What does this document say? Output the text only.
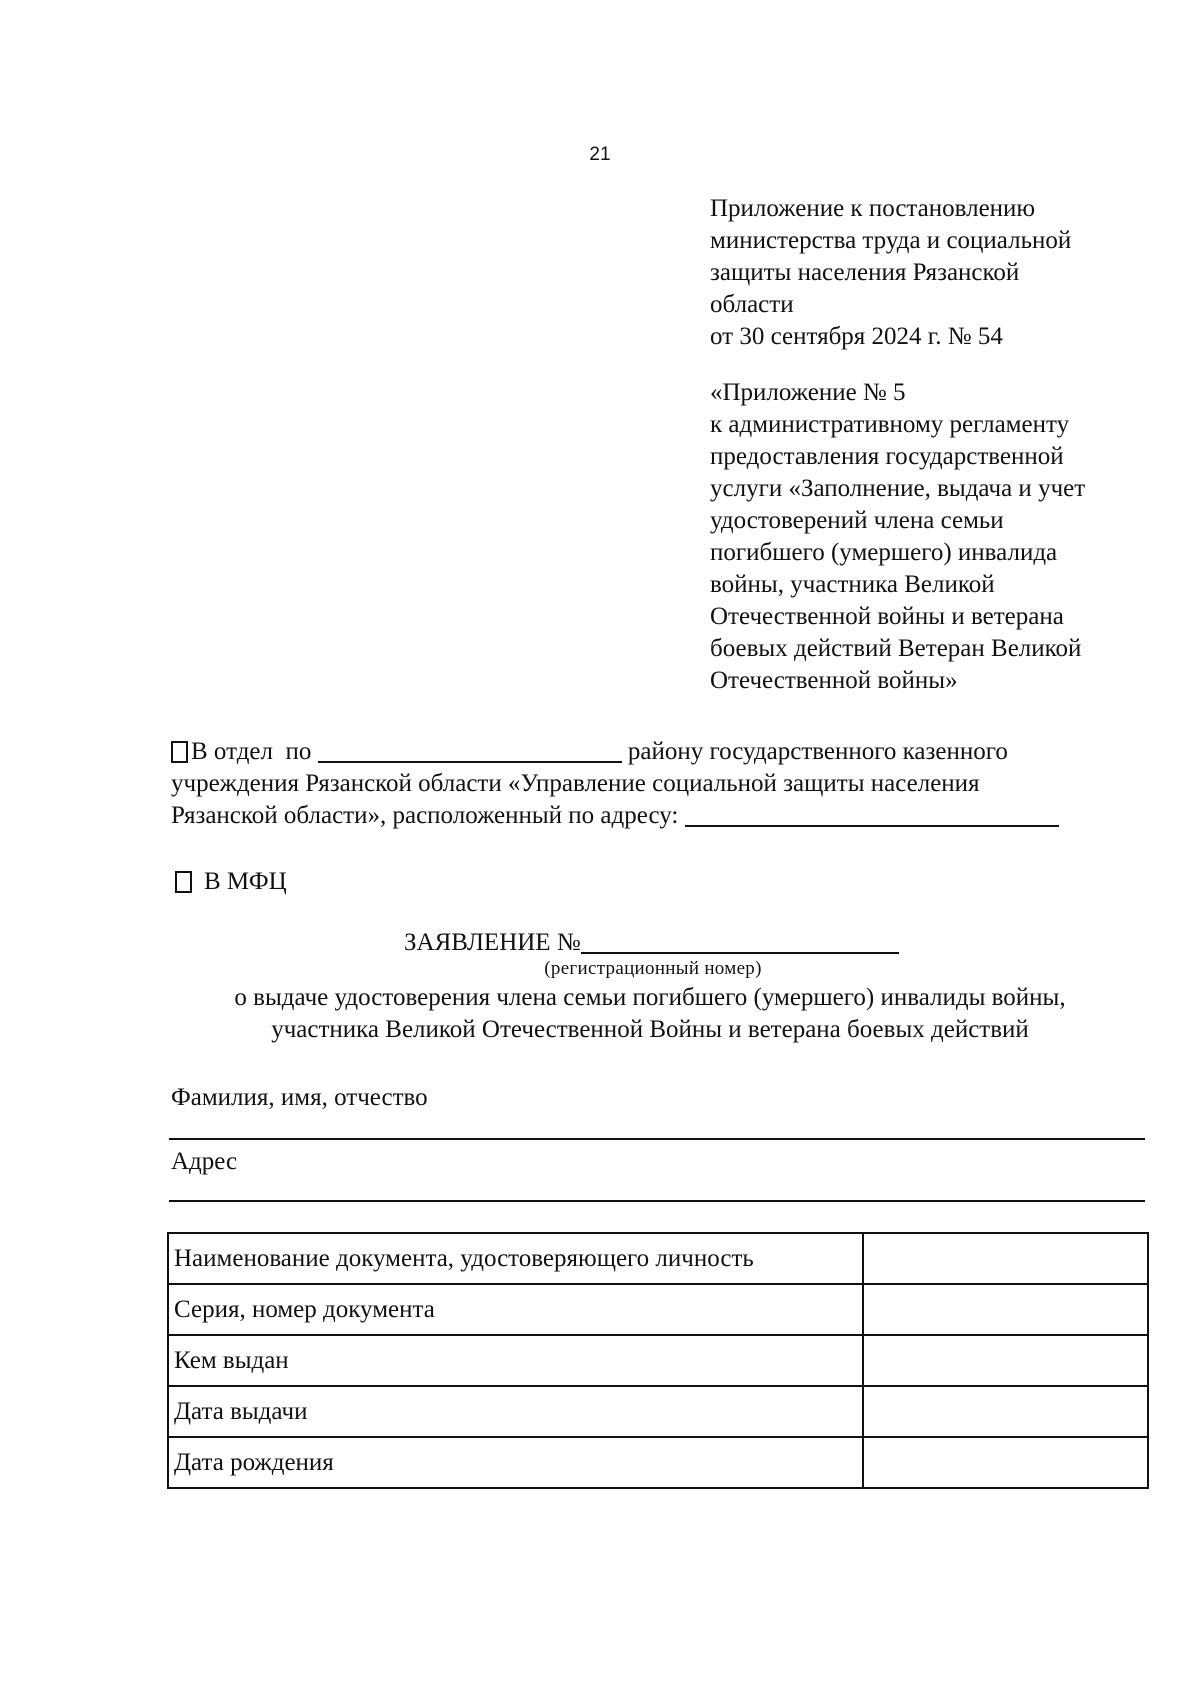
21
Приложение к постановлению
министерства труда и социальной
защиты населения Рязанской
области
от 30 сентября 2024 г. № 54
«Приложение № 5
к административному регламенту
предоставления государственной
услуги «Заполнение, выдача и учет
удостоверений члена семьи
погибшего (умершего) инвалида
войны, участника Великой
Отечественной войны и ветерана
боевых действий Ветеран Великой
Отечественной войны»
В отдел  по	району государственного казенного
учреждения Рязанской области «Управление социальной защиты населения
Рязанской области», расположенный по адресу:
В МФЦ
ЗАЯВЛЕНИЕ №
(регистрационный номер)
о выдаче удостоверения члена семьи погибшего (умершего) инвалиды войны,
участника Великой Отечественной Войны и ветерана боевых действий
Фамилия, имя, отчество
Адрес
Наименование документа, удостоверяющего личность	
Серия, номер документа	
Кем выдан	
Дата выдачи	
Дата рождения	
